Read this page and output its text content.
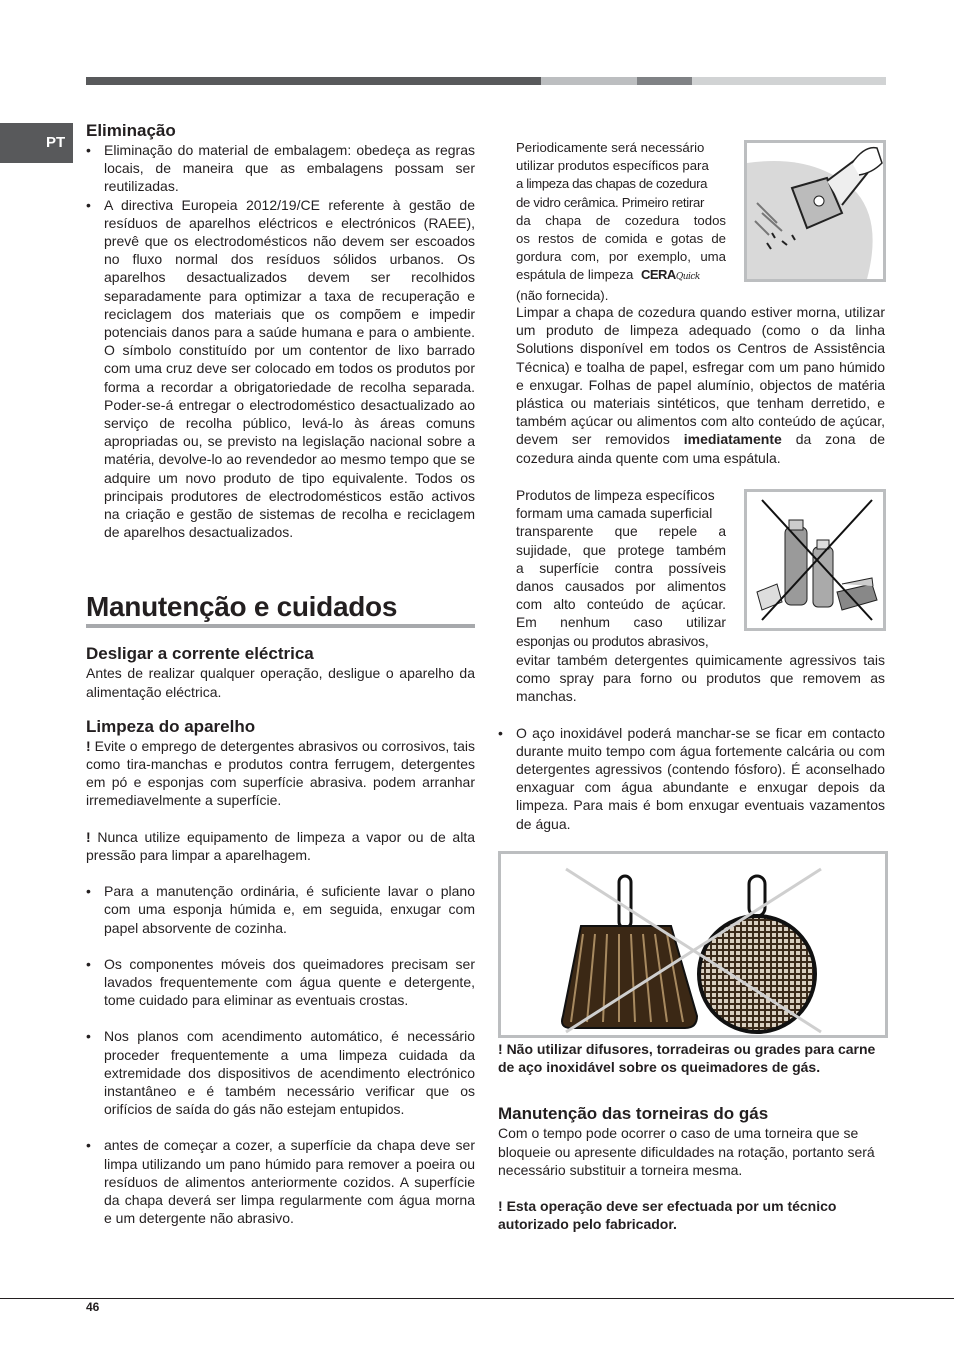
PT
Eliminação
• Eliminação do material de embalagem: obedeça as regras locais, de maneira que as embalagens possam ser reutilizadas.
• A directiva Europeia 2012/19/CE referente à gestão de resíduos de aparelhos eléctricos e electrónicos (RAEE), prevê que os electrodomésticos não devem ser escoados no fluxo normal dos resíduos sólidos urbanos. Os aparelhos desactualizados devem ser recolhidos separadamente para optimizar a taxa de recuperação e reciclagem dos materiais que os compõem e impedir potenciais danos para a saúde humana e para o ambiente. O símbolo constituído por um contentor de lixo barrado com uma cruz deve ser colocado em todos os produtos por forma a recordar a obrigatoriedade de recolha separada. Poder-se-á entregar o electrodoméstico desactualizado ao serviço de recolha público, levá-lo às áreas comuns apropriadas ou, se previsto na legislação nacional sobre a matéria, devolve-lo ao revendedor ao mesmo tempo que se adquire um novo produto de tipo equivalente. Todos os principais produtores de electrodomésticos estão activos na criação e gestão de sistemas de recolha e reciclagem de aparelhos desactualizados.
Manutenção e cuidados
Desligar a corrente eléctrica

Antes de realizar qualquer operação, desligue o aparelho da alimentação eléctrica.

Limpeza do aparelho

! Evite o emprego de detergentes abrasivos ou corrosivos, tais como tira-manchas e produtos contra ferrugem, detergentes em pó e esponjas com superfície abrasiva. podem arranhar irremediavelmente a superfície.

! Nunca utilize equipamento de limpeza a vapor ou de alta pressão para limpar a aparelhagem.

• Para a manutenção ordinária, é suficiente lavar o plano com uma esponja húmida e, em seguida, enxugar com papel absorvente de cozinha.
• Os componentes móveis dos queimadores precisam ser lavados frequentemente com água quente e detergente, tome cuidado para eliminar as eventuais crostas.
• Nos planos com acendimento automático, é necessário proceder frequentemente a uma limpeza cuidada da extremidade dos dispositivos de acendimento electrónico instantâneo e é também necessário verificar que os orifícios de saída do gás não estejam entupidos.
• antes de começar a cozer, a superfície da chapa deve ser limpa utilizando um pano húmido para remover a poeira ou resíduos de alimentos anteriormente cozidos. A superfície da chapa deverá ser limpa regularmente com água morna e um detergente não abrasivo.

Periodicamente será necessário

utilizar produtos específicos para

a limpeza das chapas de cozedura

de vidro cerâmica. Primeiro retirar

da chapa de cozedura todos

os restos de comida e gotas de

gordura com, por exemplo, uma

espátula de limpeza CERAQuick

(não fornecida).

Limpar a chapa de cozedura quando estiver morna, utilizar um produto de limpeza adequado (como o da linha Solutions disponível em todos os Centros de Assistência Técnica) e toalha de papel, esfregar com um pano húmido e enxugar. Folhas de papel alumínio, objectos de matéria plástica ou materiais sintéticos, que tenham derretido, e também açúcar ou alimentos com alto conteúdo de açúcar, devem ser removidos imediatamente da zona de cozedura ainda quente com uma espátula.

Produtos de limpeza específicos

formam uma camada superficial

transparente que repele a

sujidade, que protege também

a superfície contra possíveis

danos causados por alimentos

com alto conteúdo de açúcar.

Em nenhum caso utilizar

esponjas ou produtos abrasivos,

evitar também detergentes quimicamente agressivos tais como spray para forno ou produtos que removem as manchas.

• O aço inoxidável poderá manchar-se se ficar em contacto durante muito tempo com água fortemente calcária ou com detergentes agressivos (contendo fósforo). É aconselhado enxaguar com água abundante e enxugar depois da limpeza. Para mais é bom enxugar eventuais vazamentos de água.

! Não utilizar difusores, torradeiras ou grades para carne de aço inoxidável sobre os queimadores de gás.

Manutenção das torneiras do gás

Com o tempo pode ocorrer o caso de uma torneira que se bloqueie ou apresente dificuldades na rotação, portanto será necessário substituir a torneira mesma.

! Esta operação deve ser efectuada por um técnico autorizado pelo fabricador.

46
